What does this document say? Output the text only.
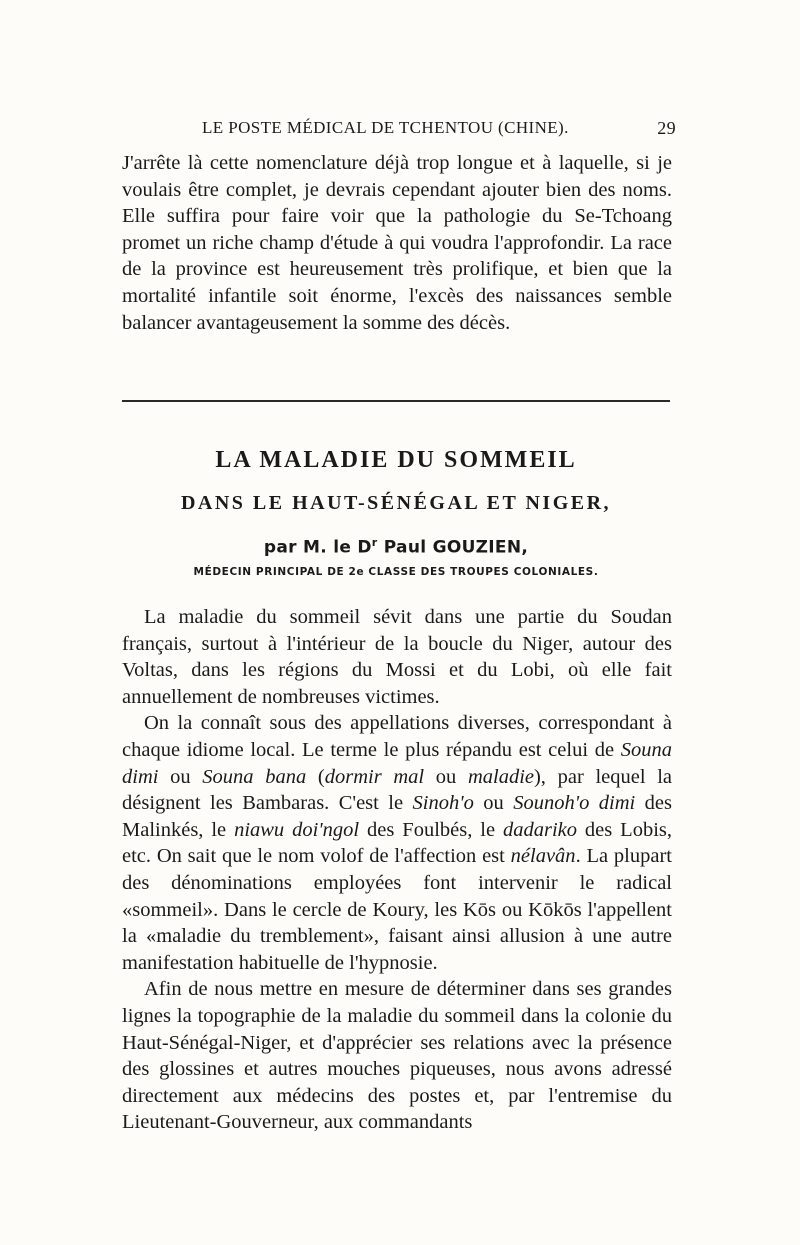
LE POSTE MÉDICAL DE TCHENTOU (CHINE).	29

J'arrête là cette nomenclature déjà trop longue et à laquelle, si je voulais être complet, je devrais cependant ajouter bien des noms. Elle suffira pour faire voir que la pathologie du Se-Tchoang promet un riche champ d'étude à qui voudra l'approfondir. La race de la province est heureusement très prolifique, et bien que la mortalité infantile soit énorme, l'excès des naissances semble balancer avantageusement la somme des décès.

LA MALADIE DU SOMMEIL
DANS LE HAUT-SÉNÉGAL ET NIGER,
par M. le $D^r$ Paul GOUZIEN,
MÉDECIN PRINCIPAL DE 2e CLASSE DES TROUPES COLONIALES.

La maladie du sommeil sévit dans une partie du Soudan français, surtout à l'intérieur de la boucle du Niger, autour des Voltas, dans les régions du Mossi et du Lobi, où elle fait annuellement de nombreuses victimes.

On la connaît sous des appellations diverses, correspondant à chaque idiome local. Le terme le plus répandu est celui de Souna dimi ou Souna bana (dormir mal ou maladie), par lequel la désignent les Bambaras. C'est le Sinoh'o ou Sounoh'o dimi des Malinkés, le niawu doi'ngol des Foulbés, le dadariko des Lobis, etc. On sait que le nom volof de l'affection est nélavân. La plupart des dénominations employées font intervenir le radical «sommeil». Dans le cercle de Koury, les Kōs ou Kōkōs l'appellent la «maladie du tremblement», faisant ainsi allusion à une autre manifestation habituelle de l'hypnosie.

Afin de nous mettre en mesure de déterminer dans ses grandes lignes la topographie de la maladie du sommeil dans la colonie du Haut-Sénégal-Niger, et d'apprécier ses relations avec la présence des glossines et autres mouches piqueuses, nous avons adressé directement aux médecins des postes et, par l'entremise du Lieutenant-Gouverneur, aux commandants
